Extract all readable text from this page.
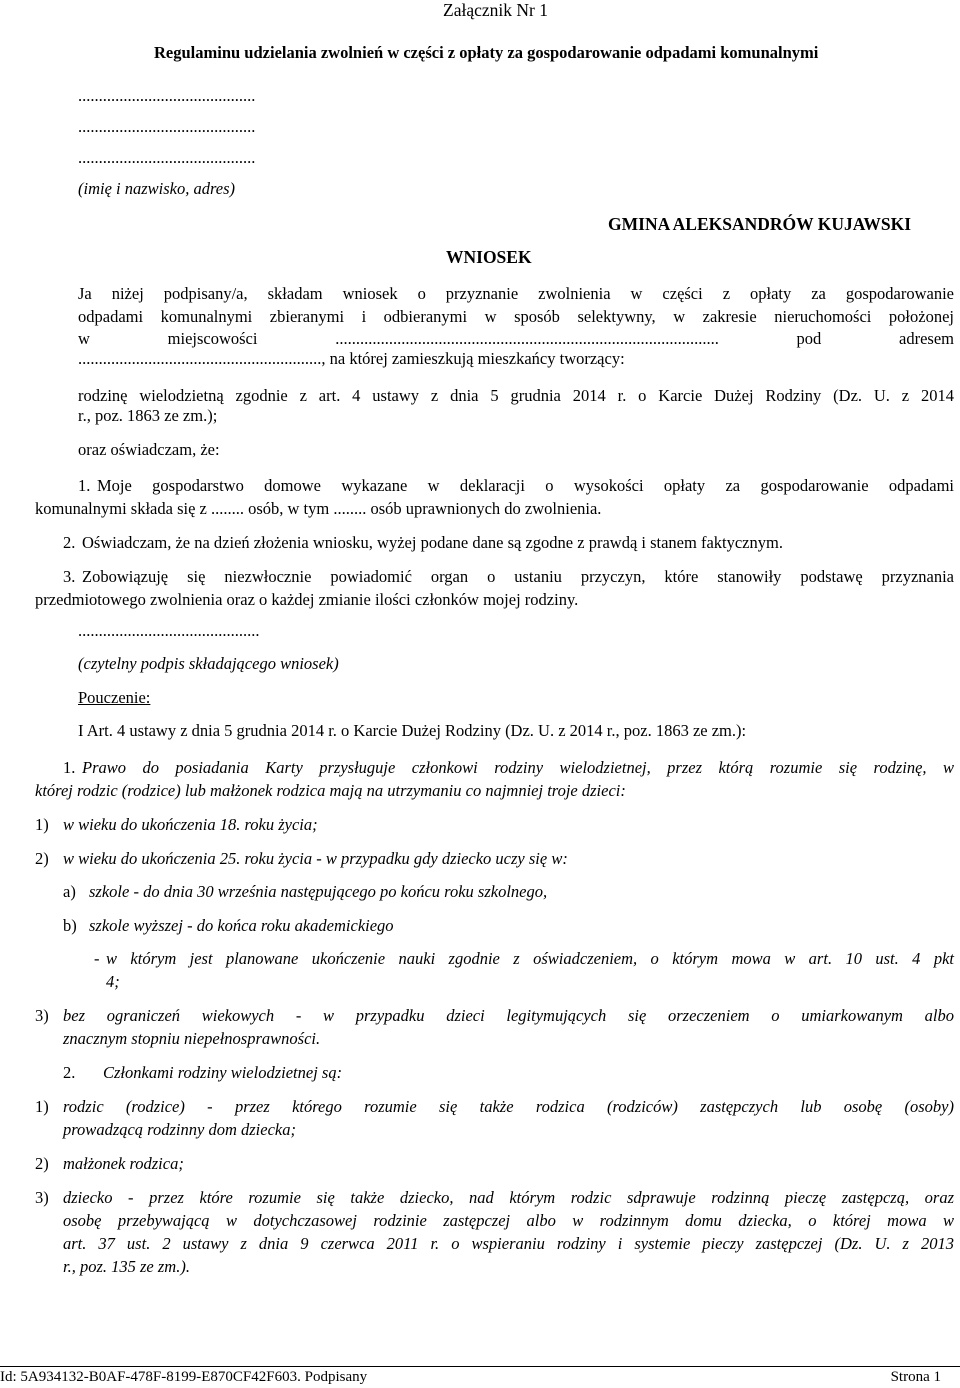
Załącznik Nr 1
Regulaminu udzielania zwolnień w części z opłaty za gospodarowanie odpadami komunalnymi
...........................................
...........................................
...........................................
(imię i nazwisko, adres)
GMINA ALEKSANDRÓW KUJAWSKI
WNIOSEK
Ja niżej podpisany/a, składam wniosek o przyznanie zwolnienia w części z opłaty za gospodarowanie
odpadami komunalnymi zbieranymi i odbieranymi w sposób selektywny, w zakresie nieruchomości położonej
w miejscowości ............................................................................................. pod adresem
..........................................................., na której zamieszkują mieszkańcy tworzący:
rodzinę wielodzietną zgodnie z art. 4 ustawy z dnia 5 grudnia 2014 r. o Karcie Dużej Rodziny (Dz. U. z 2014
r., poz. 1863 ze zm.);
oraz oświadczam, że:
1. Moje gospodarstwo domowe wykazane w deklaracji o wysokości opłaty za gospodarowanie odpadami
komunalnymi składa się z ........ osób, w tym ........ osób uprawnionych do zwolnienia.
2. Oświadczam, że na dzień złożenia wniosku, wyżej podane dane są zgodne z prawdą i stanem faktycznym.
3. Zobowiązuję się niezwłocznie powiadomić organ o ustaniu przyczyn, które stanowiły podstawę przyznania
przedmiotowego zwolnienia oraz o każdej zmianie ilości członków mojej rodziny.
............................................
(czytelny podpis składającego wniosek)
Pouczenie:
I Art. 4 ustawy z dnia 5 grudnia 2014 r. o Karcie Dużej Rodziny (Dz. U. z 2014 r., poz. 1863 ze zm.):
1. Prawo do posiadania Karty przysługuje członkowi rodziny wielodzietnej, przez którą rozumie się rodzinę, w
której rodzic (rodzice) lub małżonek rodzica mają na utrzymaniu co najmniej troje dzieci:
1) w wieku do ukończenia 18. roku życia;
2) w wieku do ukończenia 25. roku życia - w przypadku gdy dziecko uczy się w:
a) szkole - do dnia 30 września następującego po końcu roku szkolnego,
b) szkole wyższej - do końca roku akademickiego
- w którym jest planowane ukończenie nauki zgodnie z oświadczeniem, o którym mowa w art. 10 ust. 4 pkt
4;
3) bez ograniczeń wiekowych - w przypadku dzieci legitymujących się orzeczeniem o umiarkowanym albo
znacznym stopniu niepełnosprawności.
2. Członkami rodziny wielodzietnej są:
1) rodzic (rodzice) - przez którego rozumie się także rodzica (rodziców) zastępczych lub osobę (osoby)
prowadzącą rodzinny dom dziecka;
2) małżonek rodzica;
3) dziecko - przez które rozumie się także dziecko, nad którym rodzic sdprawuje rodzinną pieczę zastępczą, oraz
osobę przebywającą w dotychczasowej rodzinie zastępczej albo w rodzinnym domu dziecka, o której mowa w
art. 37 ust. 2 ustawy z dnia 9 czerwca 2011 r. o wspieraniu rodziny i systemie pieczy zastępczej (Dz. U. z 2013
r., poz. 135 ze zm.).
Id: 5A934132-B0AF-478F-8199-E870CF42F603. Podpisany	Strona 1
